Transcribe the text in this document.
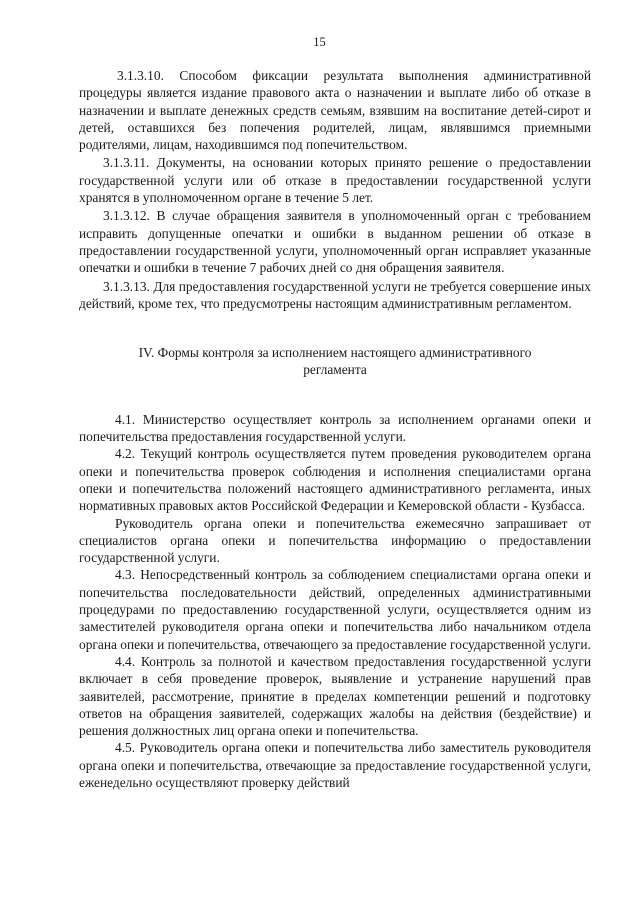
15

3.1.3.10. Способом фиксации результата выполнения административной процедуры является издание правового акта о назначении и выплате либо об отказе в назначении и выплате денежных средств семьям, взявшим на воспитание детей-сирот и детей, оставшихся без попечения родителей, лицам, являвшимся приемными родителями, лицам, находившимся под попечительством.

3.1.3.11. Документы, на основании которых принято решение о предоставлении государственной услуги или об отказе в предоставлении государственной услуги хранятся в уполномоченном органе в течение 5 лет.

3.1.3.12. В случае обращения заявителя в уполномоченный орган с требованием исправить допущенные опечатки и ошибки в выданном решении об отказе в предоставлении государственной услуги, уполномоченный орган исправляет указанные опечатки и ошибки в течение 7 рабочих дней со дня обращения заявителя.

3.1.3.13. Для предоставления государственной услуги не требуется совершение иных действий, кроме тех, что предусмотрены настоящим административным регламентом.

IV. Формы контроля за исполнением настоящего административного регламента

4.1. Министерство осуществляет контроль за исполнением органами опеки и попечительства предоставления государственной услуги.

4.2. Текущий контроль осуществляется путем проведения руководителем органа опеки и попечительства проверок соблюдения и исполнения специалистами органа опеки и попечительства положений настоящего административного регламента, иных нормативных правовых актов Российской Федерации и Кемеровской области - Кузбасса.

Руководитель органа опеки и попечительства ежемесячно запрашивает от специалистов органа опеки и попечительства информацию о предоставлении государственной услуги.

4.3. Непосредственный контроль за соблюдением специалистами органа опеки и попечительства последовательности действий, определенных административными процедурами по предоставлению государственной услуги, осуществляется одним из заместителей руководителя органа опеки и попечительства либо начальником отдела органа опеки и попечительства, отвечающего за предоставление государственной услуги.

4.4. Контроль за полнотой и качеством предоставления государственной услуги включает в себя проведение проверок, выявление и устранение нарушений прав заявителей, рассмотрение, принятие в пределах компетенции решений и подготовку ответов на обращения заявителей, содержащих жалобы на действия (бездействие) и решения должностных лиц органа опеки и попечительства.

4.5. Руководитель органа опеки и попечительства либо заместитель руководителя органа опеки и попечительства, отвечающие за предоставление государственной услуги, еженедельно осуществляют проверку действий
